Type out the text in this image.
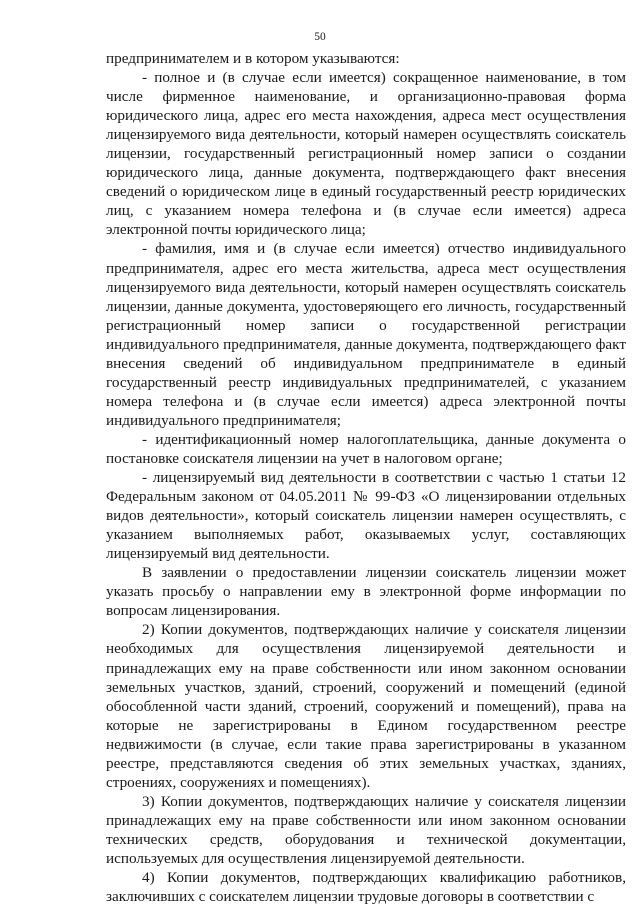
50

предпринимателем и в котором указываются:

- полное и (в случае если имеется) сокращенное наименование, в том числе фирменное наименование, и организационно-правовая форма юридического лица, адрес его места нахождения, адреса мест осуществления лицензируемого вида деятельности, который намерен осуществлять соискатель лицензии, государственный регистрационный номер записи о создании юридического лица, данные документа, подтверждающего факт внесения сведений о юридическом лице в единый государственный реестр юридических лиц, с указанием номера телефона и (в случае если имеется) адреса электронной почты юридического лица;

- фамилия, имя и (в случае если имеется) отчество индивидуального предпринимателя, адрес его места жительства, адреса мест осуществления лицензируемого вида деятельности, который намерен осуществлять соискатель лицензии, данные документа, удостоверяющего его личность, государственный регистрационный номер записи о государственной регистрации индивидуального предпринимателя, данные документа, подтверждающего факт внесения сведений об индивидуальном предпринимателе в единый государственный реестр индивидуальных предпринимателей, с указанием номера телефона и (в случае если имеется) адреса электронной почты индивидуального предпринимателя;

- идентификационный номер налогоплательщика, данные документа о постановке соискателя лицензии на учет в налоговом органе;

- лицензируемый вид деятельности в соответствии с частью 1 статьи 12 Федеральным законом от 04.05.2011 № 99-ФЗ «О лицензировании отдельных видов деятельности», который соискатель лицензии намерен осуществлять, с указанием выполняемых работ, оказываемых услуг, составляющих лицензируемый вид деятельности.

В заявлении о предоставлении лицензии соискатель лицензии может указать просьбу о направлении ему в электронной форме информации по вопросам лицензирования.

2) Копии документов, подтверждающих наличие у соискателя лицензии необходимых для осуществления лицензируемой деятельности и принадлежащих ему на праве собственности или ином законном основании земельных участков, зданий, строений, сооружений и помещений (единой обособленной части зданий, строений, сооружений и помещений), права на которые не зарегистрированы в Едином государственном реестре недвижимости (в случае, если такие права зарегистрированы в указанном реестре, представляются сведения об этих земельных участках, зданиях, строениях, сооружениях и помещениях).

3) Копии документов, подтверждающих наличие у соискателя лицензии принадлежащих ему на праве собственности или ином законном основании технических средств, оборудования и технической документации, используемых для осуществления лицензируемой деятельности.

4) Копии документов, подтверждающих квалификацию работников, заключивших с соискателем лицензии трудовые договоры в соответствии с
